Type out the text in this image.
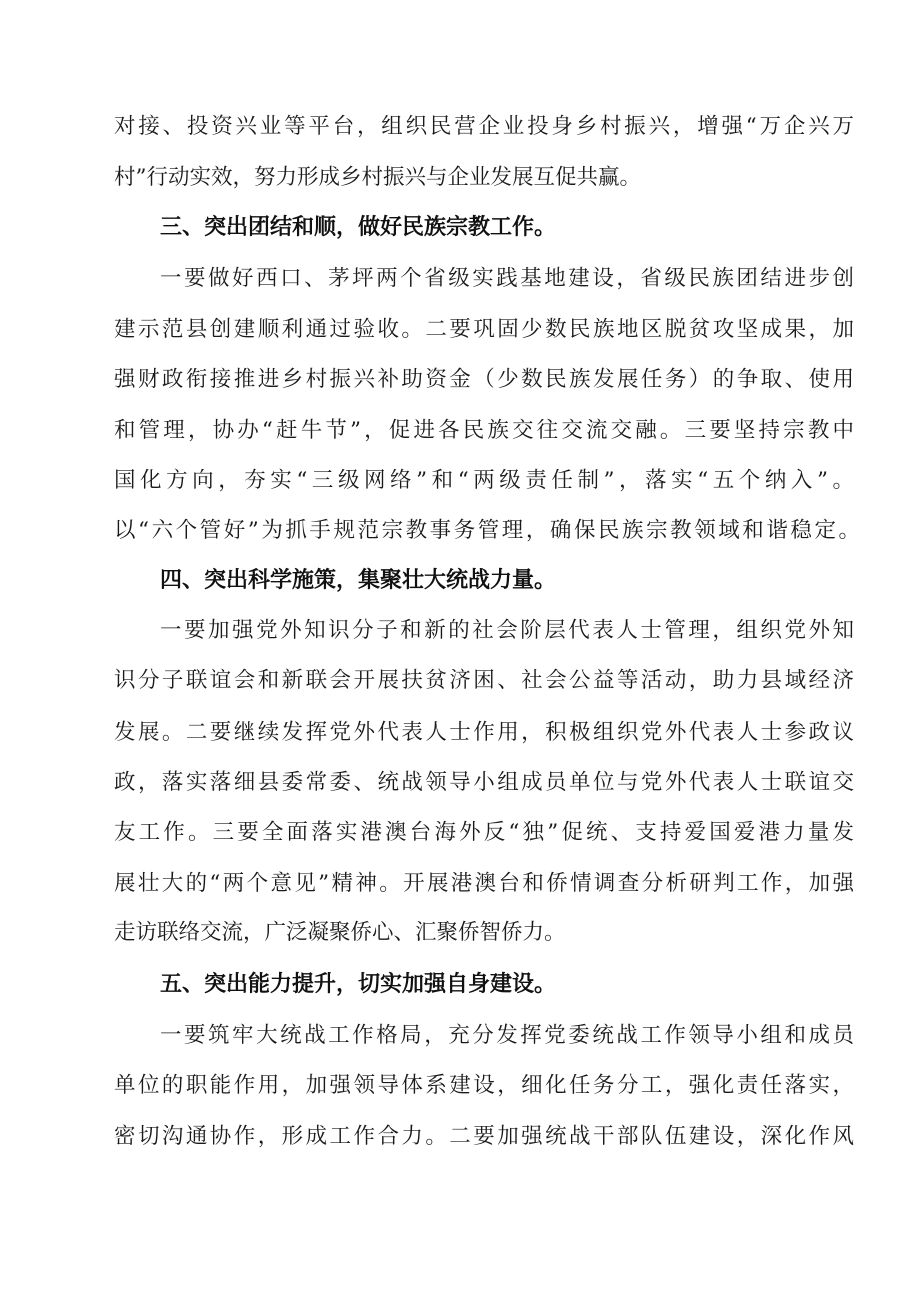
对接、投资兴业等平台，组织民营企业投身乡村振兴，增强“万企兴万
村”行动实效，努力形成乡村振兴与企业发展互促共赢。
三、突出团结和顺，做好民族宗教工作。
一要做好西口、茅坪两个省级实践基地建设，省级民族团结进步创
建示范县创建顺利通过验收。二要巩固少数民族地区脱贫攻坚成果，加
强财政衔接推进乡村振兴补助资金（少数民族发展任务）的争取、使用
和管理，协办“赶牛节”，促进各民族交往交流交融。三要坚持宗教中
国化方向，夯实“三级网络”和“两级责任制”，落实“五个纳入”。
以“六个管好”为抓手规范宗教事务管理，确保民族宗教领域和谐稳定。
四、突出科学施策，集聚壮大统战力量。
一要加强党外知识分子和新的社会阶层代表人士管理，组织党外知
识分子联谊会和新联会开展扶贫济困、社会公益等活动，助力县域经济
发展。二要继续发挥党外代表人士作用，积极组织党外代表人士参政议
政，落实落细县委常委、统战领导小组成员单位与党外代表人士联谊交
友工作。三要全面落实港澳台海外反“独”促统、支持爱国爱港力量发
展壮大的“两个意见”精神。开展港澳台和侨情调查分析研判工作，加强
走访联络交流，广泛凝聚侨心、汇聚侨智侨力。
五、突出能力提升，切实加强自身建设。
一要筑牢大统战工作格局，充分发挥党委统战工作领导小组和成员
单位的职能作用，加强领导体系建设，细化任务分工，强化责任落实，
密切沟通协作，形成工作合力。二要加强统战干部队伍建设，深化作风
